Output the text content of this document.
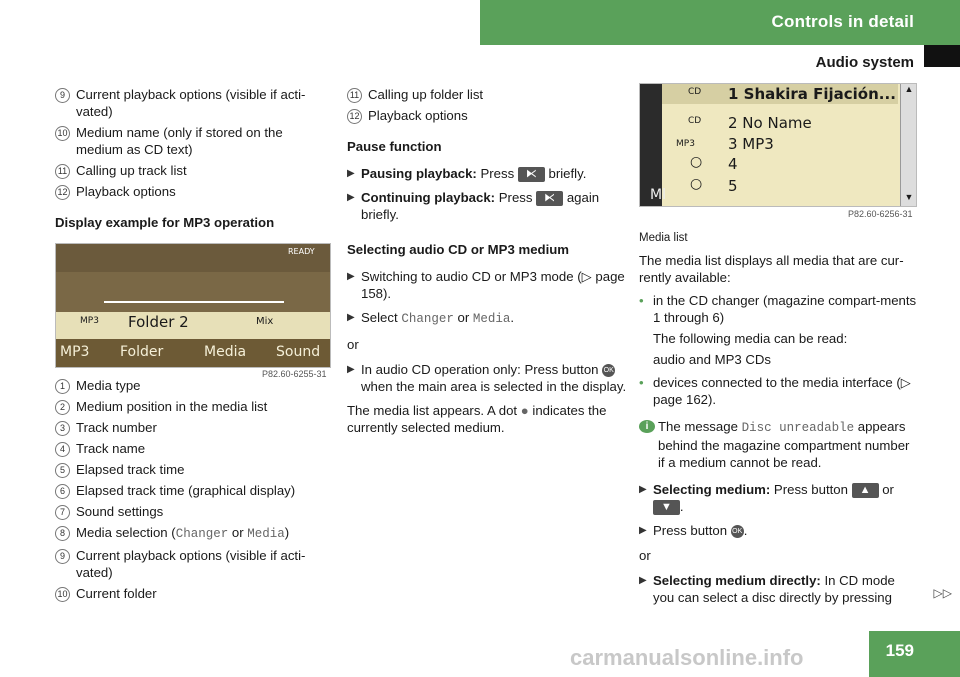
Controls in detail
Audio system
9 Current playback options (visible if acti-vated)
10 Medium name (only if stored on the medium as CD text)
11 Calling up track list
12 Playback options
Display example for MP3 operation
1 Media type
2 Medium position in the media list
3 Track number
4 Track name
5 Elapsed track time
6 Elapsed track time (graphical display)
7 Sound settings
8 Media selection (Changer or Media)
9 Current playback options (visible if acti-vated)
10 Current folder
READY
MP3 Folder 2	Mix
MP3 Folder	Media Sound
P82.60-6255-31
11 Calling up folder list
12 Playback options
Pause function
▶ Pausing playback: Press ⧔ briefly.
▶ Continuing playback: Press ⧔ again briefly.
Selecting audio CD or MP3 medium
▶ Switching to audio CD or MP3 mode (▷ page 158).
▶ Select Changer or Media.
or
▶ In audio CD operation only: Press button OK when the main area is selected in the display.
The media list appears. A dot ● indicates the currently selected medium.
CD 1 Shakira Fijación...
CD 2 No Name
MP3 3 MP3
○ 4
○ 5
Ml
▲
▼
P82.60-6256-31
Media list
The media list displays all media that are cur-rently available:
• in the CD changer (magazine compart-ments 1 through 6)
The following media can be read:
audio and MP3 CDs
• devices connected to the media interface (▷ page 162).
i The message Disc unreadable appears behind the magazine compartment number if a medium cannot be read.
▶ Selecting medium: Press button ▲ or
▼ .
▶ Press button OK.
or
▶ Selecting medium directly: In CD mode you can select a disc directly by pressing	▷▷
159
carmanualsonline.info
